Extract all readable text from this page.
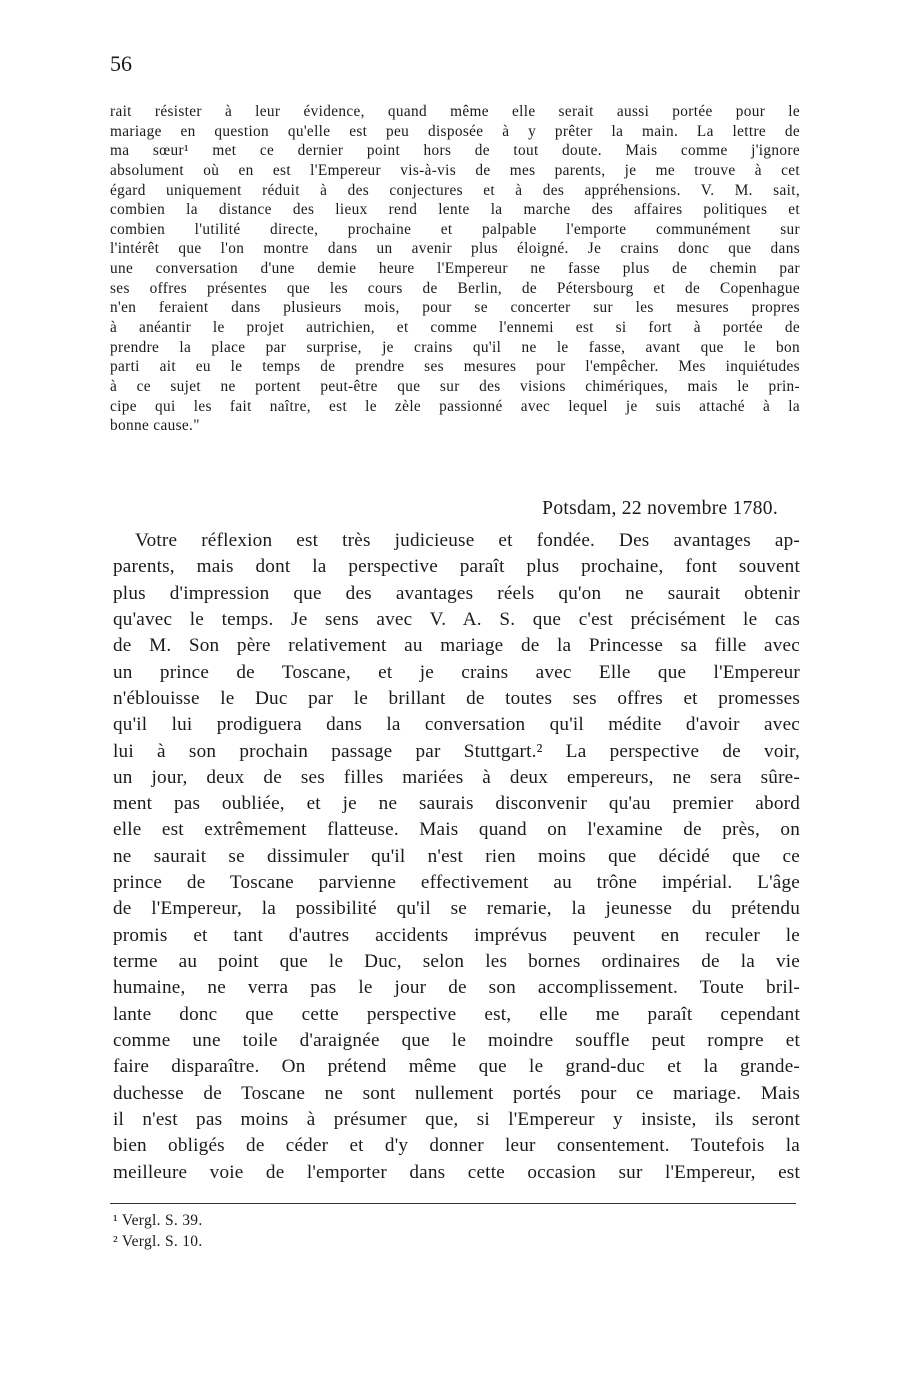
56
rait résister à leur évidence, quand même elle serait aussi portée pour le
mariage en question qu'elle est peu disposée à y prêter la main. La lettre de
ma sœur¹ met ce dernier point hors de tout doute. Mais comme j'ignore
absolument où en est l'Empereur vis-à-vis de mes parents, je me trouve à cet
égard uniquement réduit à des conjectures et à des appréhensions. V. M. sait,
combien la distance des lieux rend lente la marche des affaires politiques et
combien l'utilité directe, prochaine et palpable l'emporte communément sur
l'intérêt que l'on montre dans un avenir plus éloigné. Je crains donc que dans
une conversation d'une demie heure l'Empereur ne fasse plus de chemin par
ses offres présentes que les cours de Berlin, de Pétersbourg et de Copenhague
n'en feraient dans plusieurs mois, pour se concerter sur les mesures propres
à anéantir le projet autrichien, et comme l'ennemi est si fort à portée de
prendre la place par surprise, je crains qu'il ne le fasse, avant que le bon
parti ait eu le temps de prendre ses mesures pour l'empêcher. Mes inquiétudes
à ce sujet ne portent peut-être que sur des visions chimériques, mais le prin-
cipe qui les fait naître, est le zèle passionné avec lequel je suis attaché à la
bonne cause."
Potsdam, 22 novembre 1780.
Votre réflexion est très judicieuse et fondée. Des avantages ap-
parents, mais dont la perspective paraît plus prochaine, font souvent
plus d'impression que des avantages réels qu'on ne saurait obtenir
qu'avec le temps. Je sens avec V. A. S. que c'est précisément le cas
de M. Son père relativement au mariage de la Princesse sa fille avec
un prince de Toscane, et je crains avec Elle que l'Empereur
n'éblouisse le Duc par le brillant de toutes ses offres et promesses
qu'il lui prodiguera dans la conversation qu'il médite d'avoir avec
lui à son prochain passage par Stuttgart.² La perspective de voir,
un jour, deux de ses filles mariées à deux empereurs, ne sera sûre-
ment pas oubliée, et je ne saurais disconvenir qu'au premier abord
elle est extrêmement flatteuse. Mais quand on l'examine de près, on
ne saurait se dissimuler qu'il n'est rien moins que décidé que ce
prince de Toscane parvienne effectivement au trône impérial. L'âge
de l'Empereur, la possibilité qu'il se remarie, la jeunesse du prétendu
promis et tant d'autres accidents imprévus peuvent en reculer le
terme au point que le Duc, selon les bornes ordinaires de la vie
humaine, ne verra pas le jour de son accomplissement. Toute bril-
lante donc que cette perspective est, elle me paraît cependant
comme une toile d'araignée que le moindre souffle peut rompre et
faire disparaître. On prétend même que le grand-duc et la grande-
duchesse de Toscane ne sont nullement portés pour ce mariage. Mais
il n'est pas moins à présumer que, si l'Empereur y insiste, ils seront
bien obligés de céder et d'y donner leur consentement. Toutefois la
meilleure voie de l'emporter dans cette occasion sur l'Empereur, est
¹ Vergl. S. 39.
² Vergl. S. 10.
